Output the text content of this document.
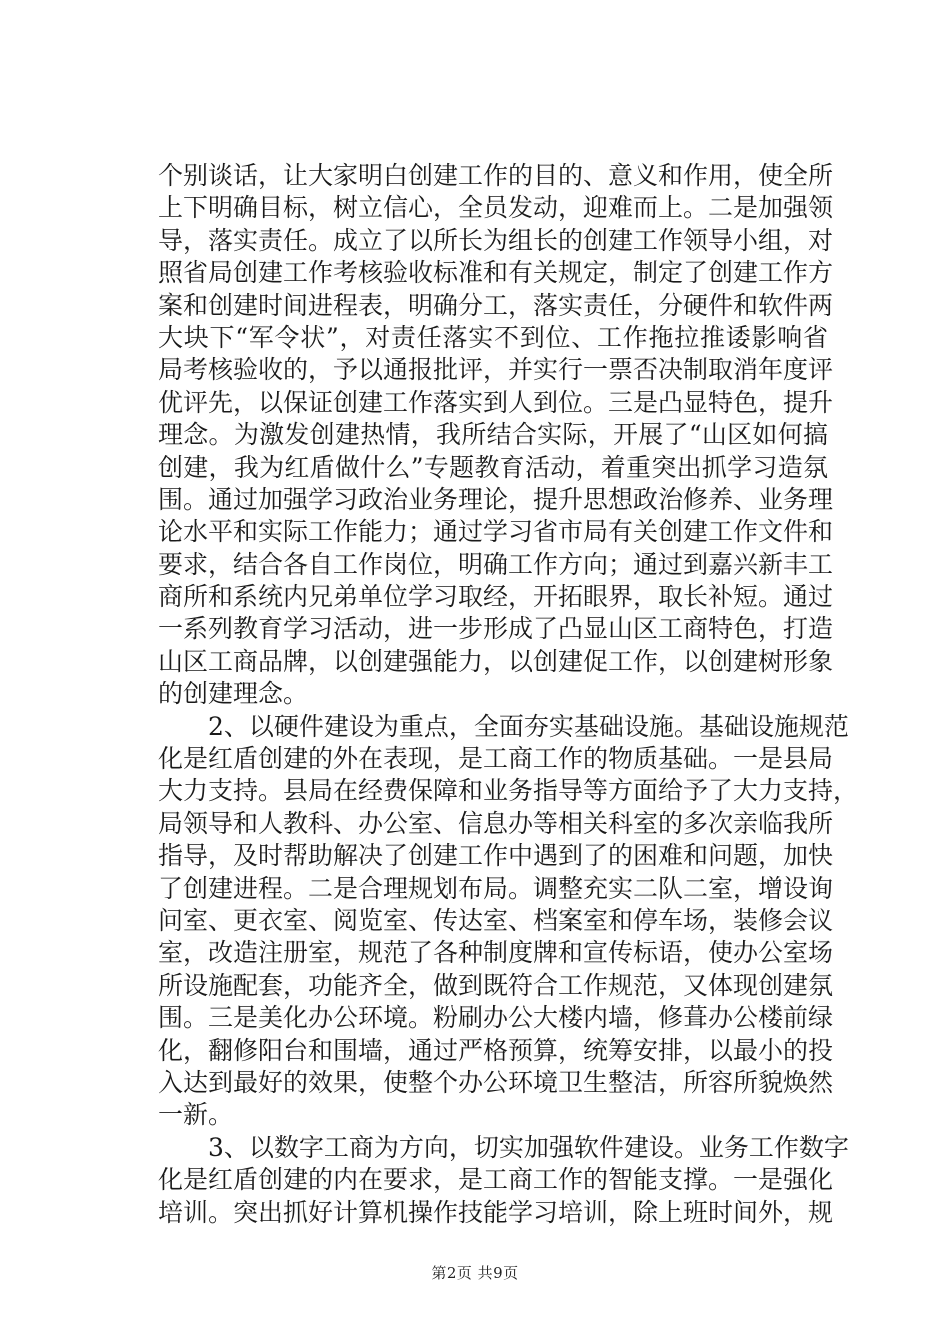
个别谈话，让大家明白创建工作的目的、意义和作用，使全所
上下明确目标，树立信心，全员发动，迎难而上。二是加强领
导，落实责任。成立了以所长为组长的创建工作领导小组，对
照省局创建工作考核验收标准和有关规定，制定了创建工作方
案和创建时间进程表，明确分工，落实责任，分硬件和软件两
大块下“军令状”，对责任落实不到位、工作拖拉推诿影响省
局考核验收的，予以通报批评，并实行一票否决制取消年度评
优评先，以保证创建工作落实到人到位。三是凸显特色，提升
理念。为激发创建热情，我所结合实际，开展了“山区如何搞
创建，我为红盾做什么”专题教育活动，着重突出抓学习造氛
围。通过加强学习政治业务理论，提升思想政治修养、业务理
论水平和实际工作能力；通过学习省市局有关创建工作文件和
要求，结合各自工作岗位，明确工作方向；通过到嘉兴新丰工
商所和系统内兄弟单位学习取经，开拓眼界，取长补短。通过
一系列教育学习活动，进一步形成了凸显山区工商特色，打造
山区工商品牌，以创建强能力，以创建促工作，以创建树形象
的创建理念。
2、以硬件建设为重点，全面夯实基础设施。基础设施规范
化是红盾创建的外在表现，是工商工作的物质基础。一是县局
大力支持。县局在经费保障和业务指导等方面给予了大力支持，
局领导和人教科、办公室、信息办等相关科室的多次亲临我所
指导，及时帮助解决了创建工作中遇到了的困难和问题，加快
了创建进程。二是合理规划布局。调整充实二队二室，增设询
问室、更衣室、阅览室、传达室、档案室和停车场，装修会议
室，改造注册室，规范了各种制度牌和宣传标语，使办公室场
所设施配套，功能齐全，做到既符合工作规范，又体现创建氛
围。三是美化办公环境。粉刷办公大楼内墙，修葺办公楼前绿
化，翻修阳台和围墙，通过严格预算，统筹安排，以最小的投
入达到最好的效果，使整个办公环境卫生整洁，所容所貌焕然
一新。
3、以数字工商为方向，切实加强软件建设。业务工作数字
化是红盾创建的内在要求，是工商工作的智能支撑。一是强化
培训。突出抓好计算机操作技能学习培训，除上班时间外，规
第2页 共9页
